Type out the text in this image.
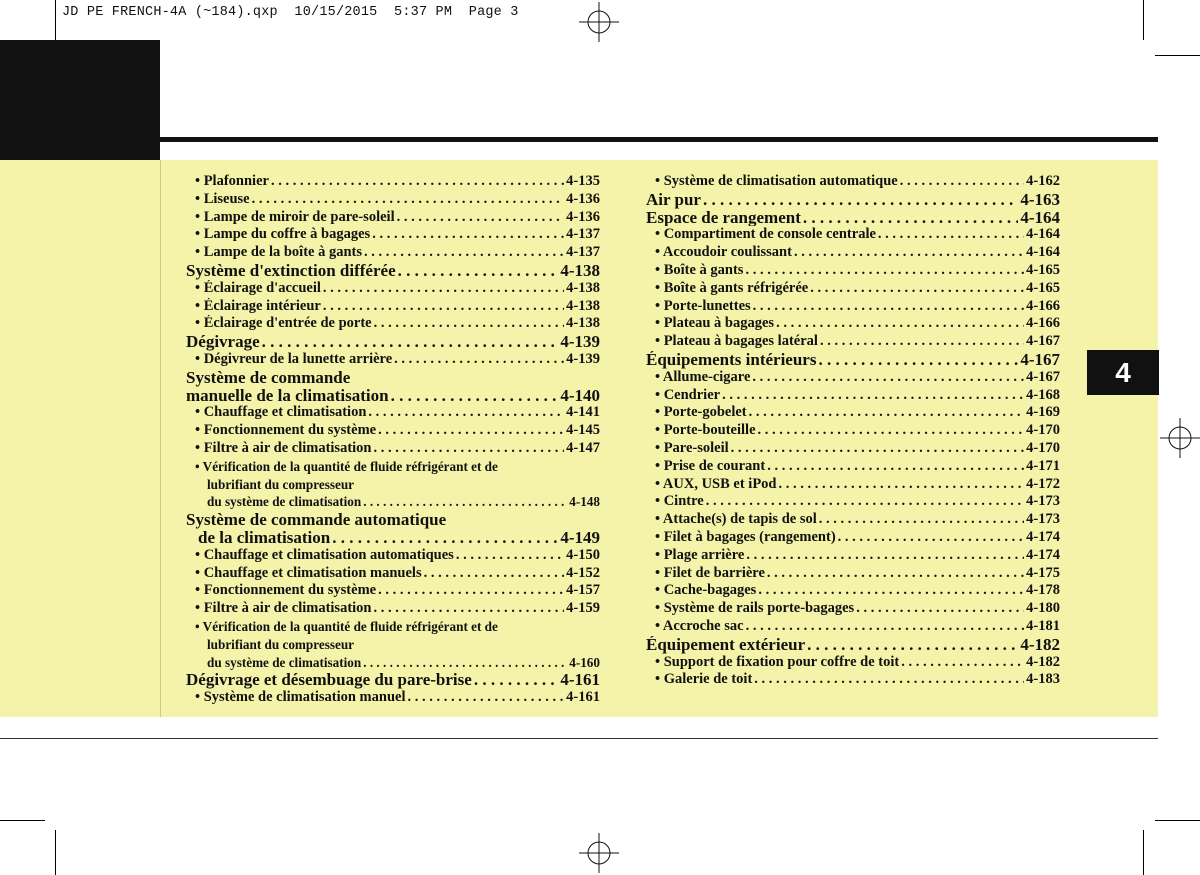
JD PE FRENCH-4A (~184).qxp  10/15/2015  5:37 PM  Page 3
4
• Plafonnier . . .	4-135
• Liseuse . . .	4-136
• Lampe de miroir de pare-soleil . . .	4-136
• Lampe du coffre à bagages . . .	4-137
• Lampe de la boîte à gants . . .	4-137
Système d'extinction différée . . .	4-138
• Éclairage d'accueil . . .	4-138
• Éclairage intérieur . . .	4-138
• Éclairage d'entrée de porte . . .	4-138
Dégivrage . . .	4-139
• Dégivreur de la lunette arrière . . .	4-139
Système de commande
manuelle de la climatisation . . .	4-140
• Chauffage et climatisation . . .	4-141
• Fonctionnement du système . . .	4-145
• Filtre à air de climatisation . . .	4-147
• Vérification de la quantité de fluide réfrigérant et de
lubrifiant du compresseur
du système de climatisation . . .	4-148
Système de commande automatique
de la climatisation . . .	4-149
• Chauffage et climatisation automatiques . . .	4-150
• Chauffage et climatisation manuels . . .	4-152
• Fonctionnement du système . . .	4-157
• Filtre à air de climatisation . . .	4-159
• Vérification de la quantité de fluide réfrigérant et de
lubrifiant du compresseur
du système de climatisation . . .	4-160
Dégivrage et désembuage du pare-brise . . .	4-161
• Système de climatisation manuel . . .	4-161
• Système de climatisation automatique . . .	4-162
Air pur . . .	4-163
Espace de rangement . . .	4-164
• Compartiment de console centrale . . .	4-164
• Accoudoir coulissant . . .	4-164
• Boîte à gants . . .	4-165
• Boîte à gants réfrigérée . . .	4-165
• Porte-lunettes . . .	4-166
• Plateau à bagages . . .	4-166
• Plateau à bagages latéral . . .	4-167
Équipements intérieurs . . .	4-167
• Allume-cigare . . .	4-167
• Cendrier . . .	4-168
• Porte-gobelet . . .	4-169
• Porte-bouteille . . .	4-170
• Pare-soleil . . .	4-170
• Prise de courant . . .	4-171
• AUX, USB et iPod . . .	4-172
• Cintre . . .	4-173
• Attache(s) de tapis de sol . . .	4-173
• Filet à bagages (rangement) . . .	4-174
• Plage arrière . . .	4-174
• Filet de barrière . . .	4-175
• Cache-bagages . . .	4-178
• Système de rails porte-bagages . . .	4-180
• Accroche sac . . .	4-181
Équipement extérieur . . .	4-182
• Support de fixation pour coffre de toit . . .	4-182
• Galerie de toit . . .	4-183
